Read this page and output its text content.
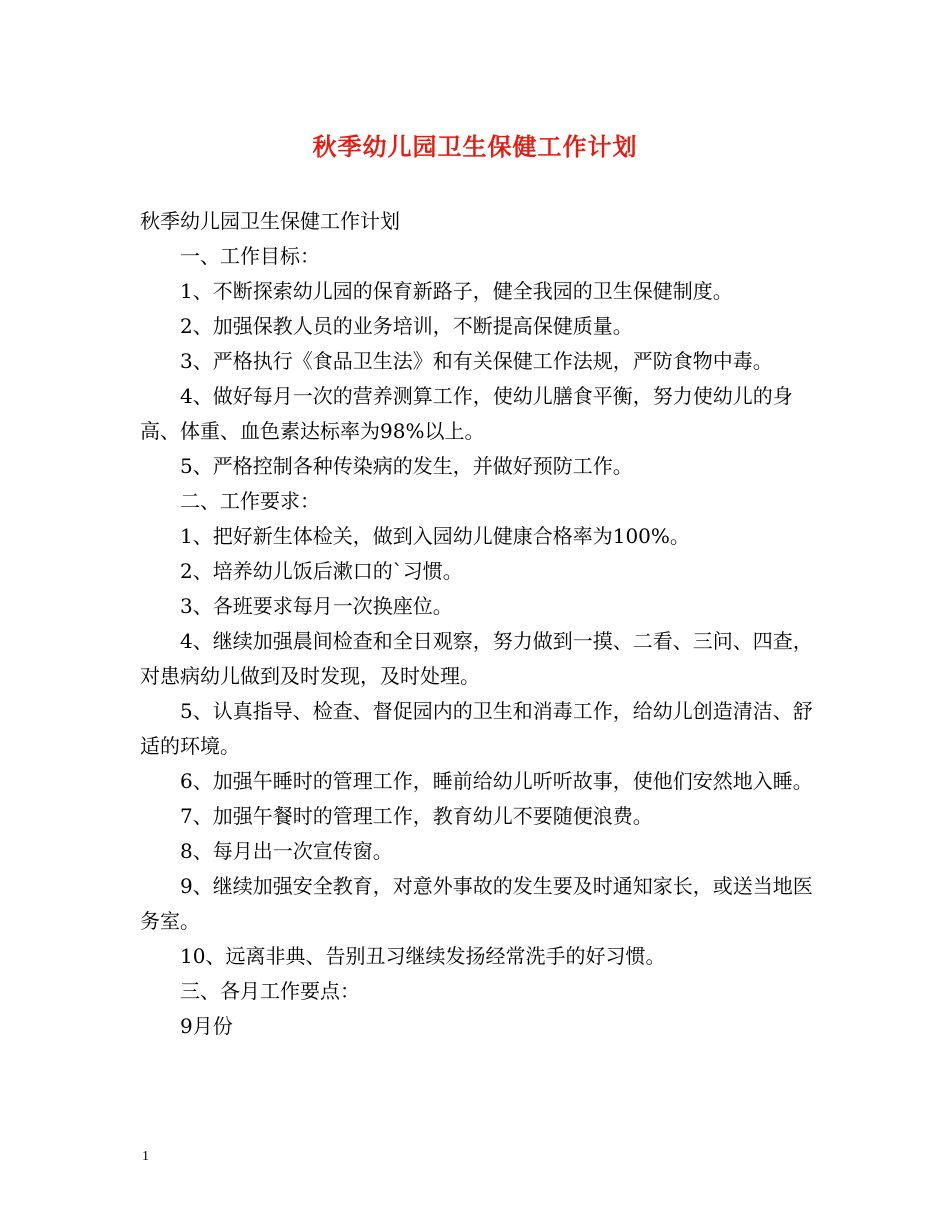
秋季幼儿园卫生保健工作计划

秋季幼儿园卫生保健工作计划

一、工作目标：

1、不断探索幼儿园的保育新路子，健全我园的卫生保健制度。

2、加强保教人员的业务培训，不断提高保健质量。

3、严格执行《食品卫生法》和有关保健工作法规，严防食物中毒。

4、做好每月一次的营养测算工作，使幼儿膳食平衡，努力使幼儿的身  高、体重、血色素达标率为98%以上。

5、严格控制各种传染病的发生，并做好预防工作。

二、工作要求：

1、把好新生体检关，做到入园幼儿健康合格率为100%。

2、培养幼儿饭后漱口的`习惯。

3、各班要求每月一次换座位。

4、继续加强晨间检查和全日观察，努力做到一摸、二看、三问、四查，对患病幼儿做到及时发现，及时处理。

5、认真指导、检查、督促园内的卫生和消毒工作，给幼儿创造清洁、舒适的环境。

6、加强午睡时的管理工作，睡前给幼儿听听故事，使他们安然地入睡。

7、加强午餐时的管理工作，教育幼儿不要随便浪费。

8、每月出一次宣传窗。

9、继续加强安全教育，对意外事故的发生要及时通知家长，或送当地医务室。

10、远离非典、告别丑习继续发扬经常洗手的好习惯。

三、各月工作要点：

9月份

1
